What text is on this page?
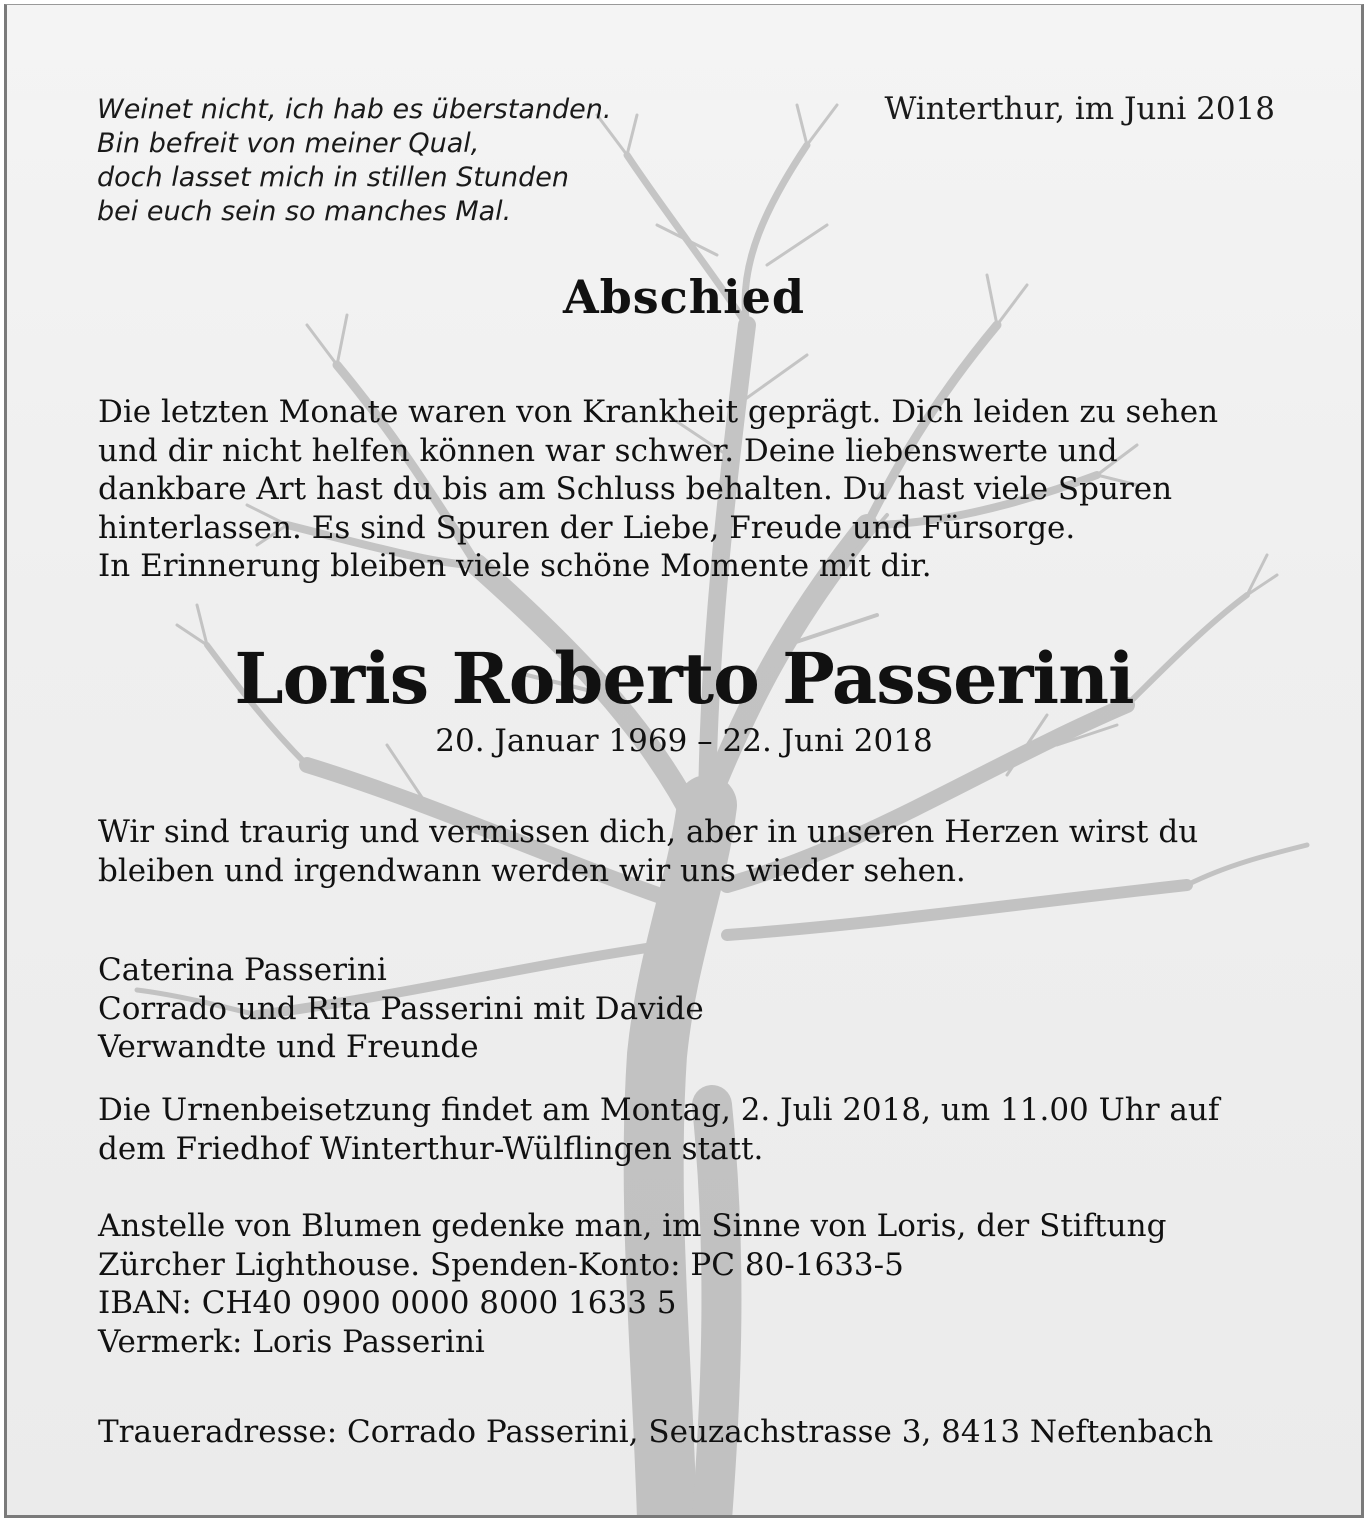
Weinet nicht, ich hab es überstanden.
Bin befreit von meiner Qual,
doch lasset mich in stillen Stunden
bei euch sein so manches Mal.
Winterthur, im Juni 2018
Abschied
Die letzten Monate waren von Krankheit geprägt. Dich leiden zu sehen
und dir nicht helfen können war schwer. Deine liebenswerte und
dankbare Art hast du bis am Schluss behalten. Du hast viele Spuren
hinterlassen. Es sind Spuren der Liebe, Freude und Fürsorge.
In Erinnerung bleiben viele schöne Momente mit dir.
Loris Roberto Passerini
20. Januar 1969 – 22. Juni 2018
Wir sind traurig und vermissen dich, aber in unseren Herzen wirst du
bleiben und irgendwann werden wir uns wieder sehen.
Caterina Passerini
Corrado und Rita Passerini mit Davide
Verwandte und Freunde
Die Urnenbeisetzung findet am Montag, 2. Juli 2018, um 11.00 Uhr auf
dem Friedhof Winterthur-Wülflingen statt.
Anstelle von Blumen gedenke man, im Sinne von Loris, der Stiftung
Zürcher Lighthouse. Spenden-Konto: PC 80-1633-5
IBAN: CH40 0900 0000 8000 1633 5
Vermerk: Loris Passerini
Traueradresse: Corrado Passerini, Seuzachstrasse 3, 8413 Neftenbach
